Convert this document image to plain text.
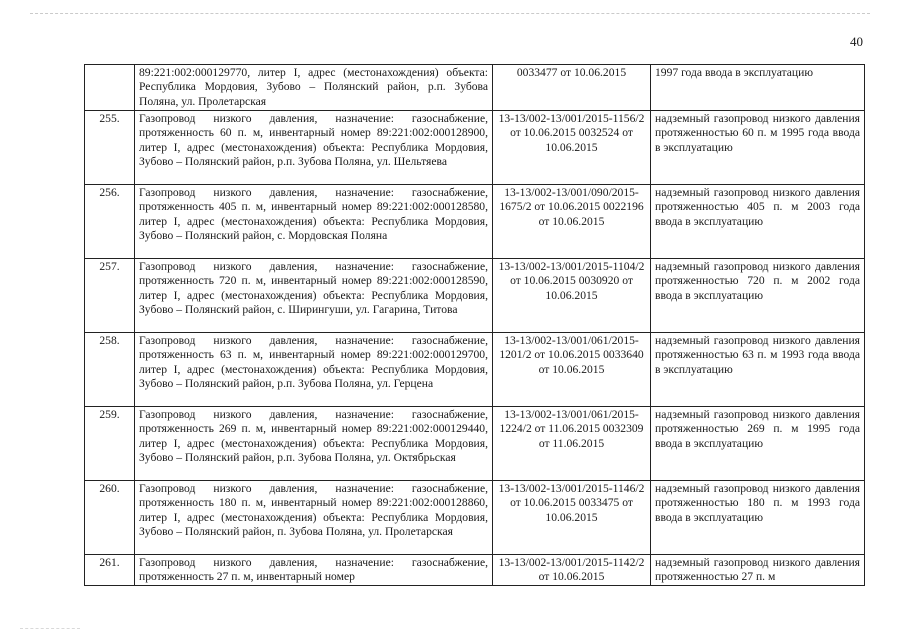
40
	89:221:002:000129770, литер I, адрес (местонахождения) объекта: Республика Мордовия, Зубово – Полянский район, р.п. Зубова Поляна, ул. Пролетарская	0033477 от 10.06.2015	1997 года ввода в эксплуатацию
255.	Газопровод низкого давления, назначение: газоснабжение, протяженность 60 п. м, инвентарный номер 89:221:002:000128900, литер I, адрес (местонахождения) объекта: Республика Мордовия, Зубово – Полянский район, р.п. Зубова Поляна, ул. Шельтяева	13-13/002-13/001/2015-1156/2 от 10.06.2015 0032524 от 10.06.2015	надземный газопровод низкого давления протяженностью 60 п. м 1995 года ввода в эксплуатацию
256.	Газопровод низкого давления, назначение: газоснабжение, протяженность 405 п. м, инвентарный номер 89:221:002:000128580, литер I, адрес (местонахождения) объекта: Республика Мордовия, Зубово – Полянский район, с. Мордовская Поляна	13-13/002-13/001/090/2015-1675/2 от 10.06.2015 0022196 от 10.06.2015	надземный газопровод низкого давления протяженностью 405 п. м 2003 года ввода в эксплуатацию
257.	Газопровод низкого давления, назначение: газоснабжение, протяженность 720 п. м, инвентарный номер 89:221:002:000128590, литер I, адрес (местонахождения) объекта: Республика Мордовия, Зубово – Полянский район, с. Ширингуши, ул. Гагарина, Титова	13-13/002-13/001/2015-1104/2 от 10.06.2015 0030920 от 10.06.2015	надземный газопровод низкого давления протяженностью 720 п. м 2002 года ввода в эксплуатацию
258.	Газопровод низкого давления, назначение: газоснабжение, протяженность 63 п. м, инвентарный номер 89:221:002:000129700, литер I, адрес (местонахождения) объекта: Республика Мордовия, Зубово – Полянский район, р.п. Зубова Поляна, ул. Герцена	13-13/002-13/001/061/2015-1201/2 от 10.06.2015 0033640 от 10.06.2015	надземный газопровод низкого давления протяженностью 63 п. м 1993 года ввода в эксплуатацию
259.	Газопровод низкого давления, назначение: газоснабжение, протяженность 269 п. м, инвентарный номер 89:221:002:000129440, литер I, адрес (местонахождения) объекта: Республика Мордовия, Зубово – Полянский район, р.п. Зубова Поляна, ул. Октябрьская	13-13/002-13/001/061/2015-1224/2 от 11.06.2015 0032309 от 11.06.2015	надземный газопровод низкого давления протяженностью 269 п. м 1995 года ввода в эксплуатацию
260.	Газопровод низкого давления, назначение: газоснабжение, протяженность 180 п. м, инвентарный номер 89:221:002:000128860, литер I, адрес (местонахождения) объекта: Республика Мордовия, Зубово – Полянский район, п. Зубова Поляна, ул. Пролетарская	13-13/002-13/001/2015-1146/2 от 10.06.2015 0033475 от 10.06.2015	надземный газопровод низкого давления протяженностью 180 п. м 1993 года ввода в эксплуатацию
261.	Газопровод низкого давления, назначение: газоснабжение, протяженность 27 п. м, инвентарный номер	13-13/002-13/001/2015-1142/2 от 10.06.2015	надземный газопровод низкого давления протяженностью 27 п. м
